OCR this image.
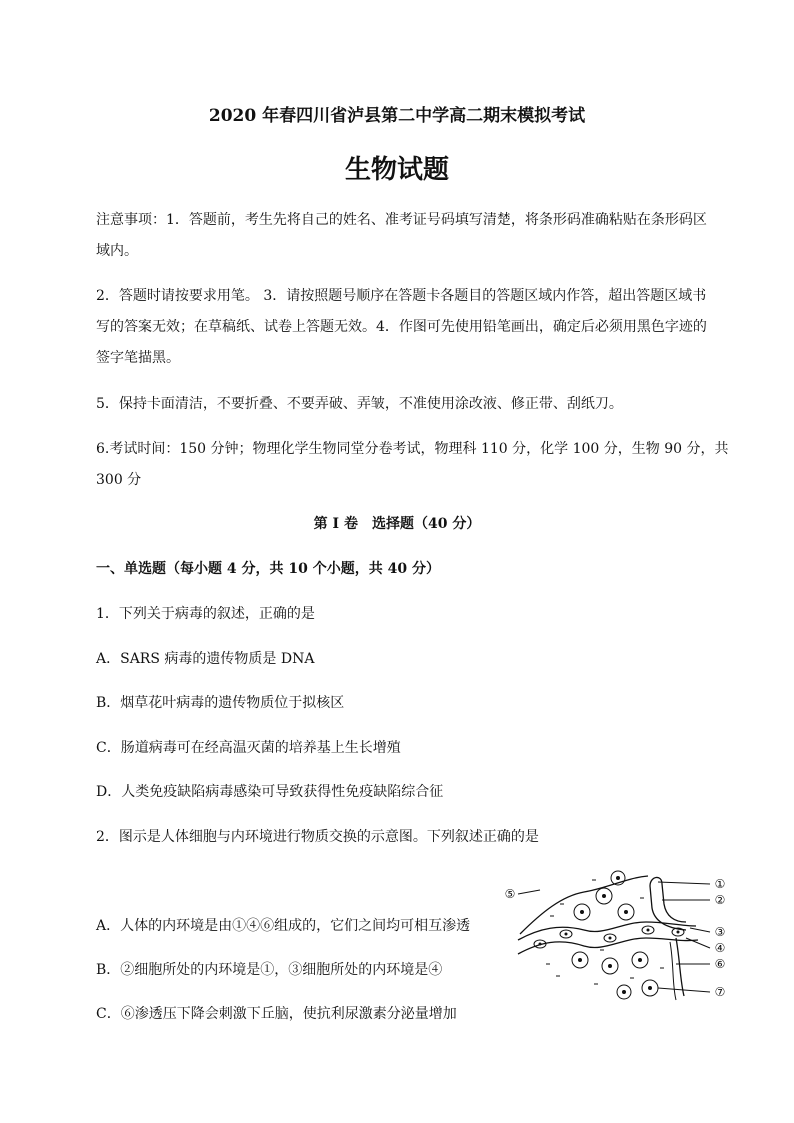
2020 年春四川省泸县第二中学高二期末模拟考试
生物试题
注意事项：1．答题前，考生先将自己的姓名、准考证号码填写清楚，将条形码准确粘贴在条形码区
域内。
2．答题时请按要求用笔。 3．请按照题号顺序在答题卡各题目的答题区域内作答，超出答题区域书
写的答案无效；在草稿纸、试卷上答题无效。4．作图可先使用铅笔画出，确定后必须用黑色字迹的
签字笔描黑。
5．保持卡面清洁，不要折叠、不要弄破、弄皱，不准使用涂改液、修正带、刮纸刀。
6.考试时间：150 分钟；物理化学生物同堂分卷考试，物理科 110 分，化学 100 分，生物 90 分，共
300 分
第 I 卷　选择题（40 分）
一、单选题（每小题 4 分，共 10 个小题，共 40 分）
1．下列关于病毒的叙述，正确的是
A．SARS 病毒的遗传物质是 DNA
B．烟草花叶病毒的遗传物质位于拟核区
C．肠道病毒可在经高温灭菌的培养基上生长增殖
D．人类免疫缺陷病毒感染可导致获得性免疫缺陷综合征
2．图示是人体细胞与内环境进行物质交换的示意图。下列叙述正确的是
A．人体的内环境是由①④⑥组成的，它们之间均可相互渗透
B．②细胞所处的内环境是①，③细胞所处的内环境是④
C．⑥渗透压下降会刺激下丘脑，使抗利尿激素分泌量增加
①
②
③
④
⑥
⑦
⑤
